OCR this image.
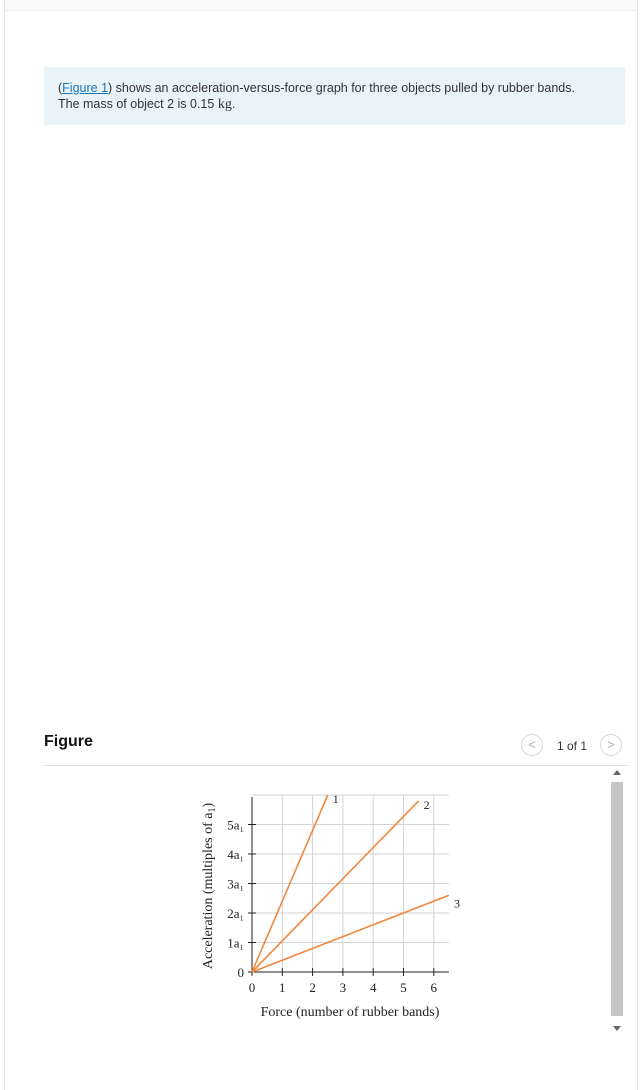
(Figure 1) shows an acceleration-versus-force graph for three objects pulled by rubber bands.
The mass of object 2 is 0.15 kg.
Figure	<	1 of 1	>
0 1 2 3 4 5 6
0
1a₁
2a₁
3a₁
4a₁
5a₁
1	2
3
Force (number of rubber bands)
Acceleration (multiples of $a_1$)
